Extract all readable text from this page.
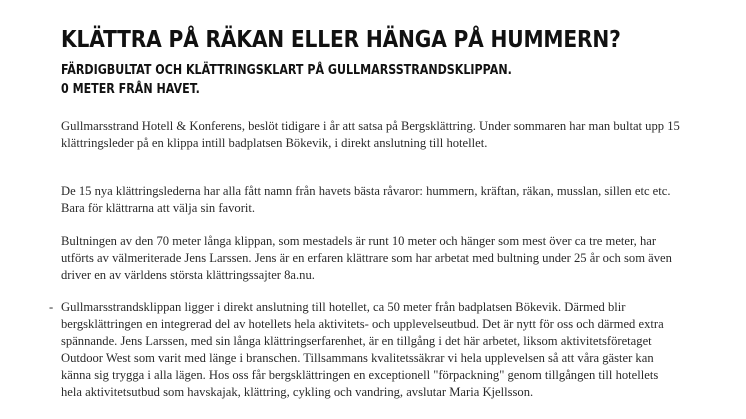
KLÄTTRA PÅ RÄKAN ELLER HÄNGA PÅ HUMMERN?
FÄRDIGBULTAT OCH KLÄTTRINGSKLART PÅ GULLMARSSTRANDSKLIPPAN.
0 METER FRÅN HAVET.

Gullmarsstrand Hotell & Konferens, beslöt tidigare i år att satsa på Bergsklättring. Under sommaren har man bultat upp 15 klättringsleder på en klippa intill badplatsen Bökevik, i direkt anslutning till hotellet.

De 15 nya klättringslederna har alla fått namn från havets bästa råvaror: hummern, kräftan, räkan, musslan, sillen etc etc. Bara för klättrarna att välja sin favorit.

Bultningen av den 70 meter långa klippan, som mestadels är runt 10 meter och hänger som mest över ca tre meter, har utförts av välmeriterade Jens Larssen. Jens är en erfaren klättrare som har arbetat med bultning under 25 år och som även driver en av världens största klättringssajter 8a.nu.

- Gullmarsstrandsklippan ligger i direkt anslutning till hotellet, ca 50 meter från badplatsen Bökevik. Därmed blir bergsklättringen en integrerad del av hotellets hela aktivitets- och upplevelseutbud. Det är nytt för oss och därmed extra spännande. Jens Larssen, med sin långa klättringserfarenhet, är en tillgång i det här arbetet, liksom aktivitetsföretaget Outdoor West som varit med länge i branschen. Tillsammans kvalitetssäkrar vi hela upplevelsen så att våra gäster kan känna sig trygga i alla lägen. Hos oss får bergsklättringen en exceptionell "förpackning" genom tillgången till hotellets hela aktivitetsutbud som havskajak, klättring, cykling och vandring, avslutar Maria Kjellsson.
